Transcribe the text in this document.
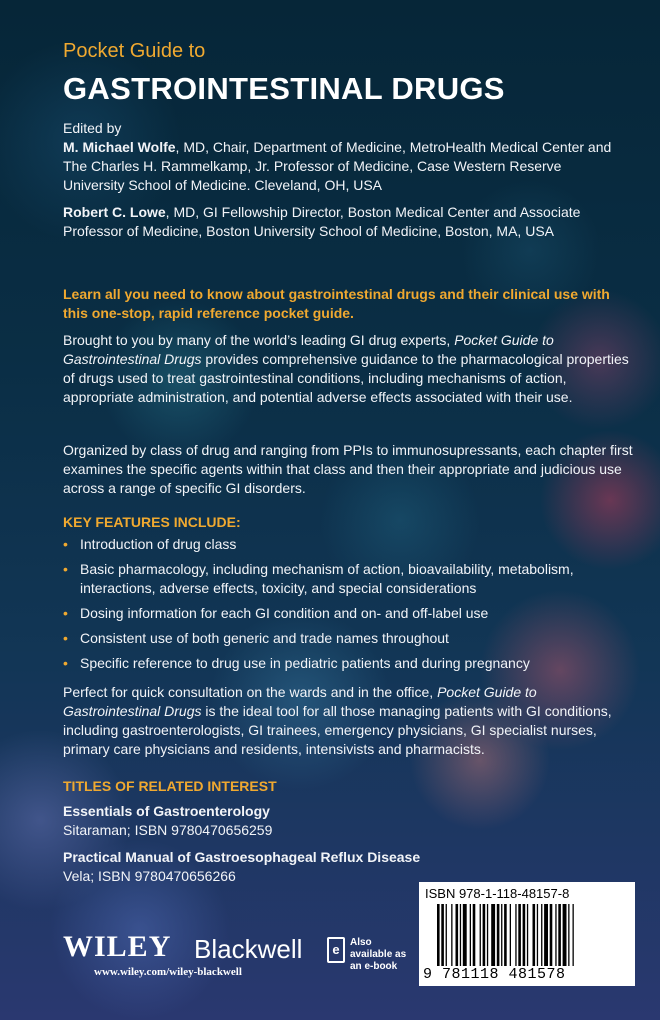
Pocket Guide to
GASTROINTESTINAL DRUGS
Edited by
M. Michael Wolfe, MD, Chair, Department of Medicine, MetroHealth Medical Center and The Charles H. Rammelkamp, Jr. Professor of Medicine, Case Western Reserve University School of Medicine. Cleveland, OH, USA
Robert C. Lowe, MD, GI Fellowship Director, Boston Medical Center and Associate Professor of Medicine, Boston University School of Medicine, Boston, MA, USA
Learn all you need to know about gastrointestinal drugs and their clinical use with this one-stop, rapid reference pocket guide.
Brought to you by many of the world’s leading GI drug experts, Pocket Guide to Gastrointestinal Drugs provides comprehensive guidance to the pharmacological properties of drugs used to treat gastrointestinal conditions, including mechanisms of action, appropriate administration, and potential adverse effects associated with their use.
Organized by class of drug and ranging from PPIs to immunosupressants, each chapter first examines the specific agents within that class and then their appropriate and judicious use across a range of specific GI disorders.
KEY FEATURES INCLUDE:
• Introduction of drug class
• Basic pharmacology, including mechanism of action, bioavailability, metabolism, interactions, adverse effects, toxicity, and special considerations
• Dosing information for each GI condition and on- and off-label use
• Consistent use of both generic and trade names throughout
• Specific reference to drug use in pediatric patients and during pregnancy
Perfect for quick consultation on the wards and in the office, Pocket Guide to Gastrointestinal Drugs is the ideal tool for all those managing patients with GI conditions, including gastroenterologists, GI trainees, emergency physicians, GI specialist nurses, primary care physicians and residents, intensivists and pharmacists.
TITLES OF RELATED INTEREST
Essentials of Gastroenterology
Sitaraman; ISBN 9780470656259
Practical Manual of Gastroesophageal Reflux Disease
Vela; ISBN 9780470656266
WILEY Blackwell
www.wiley.com/wiley-blackwell
e	Also available as an e-book
ISBN 978-1-118-48157-8
9 781118 481578
